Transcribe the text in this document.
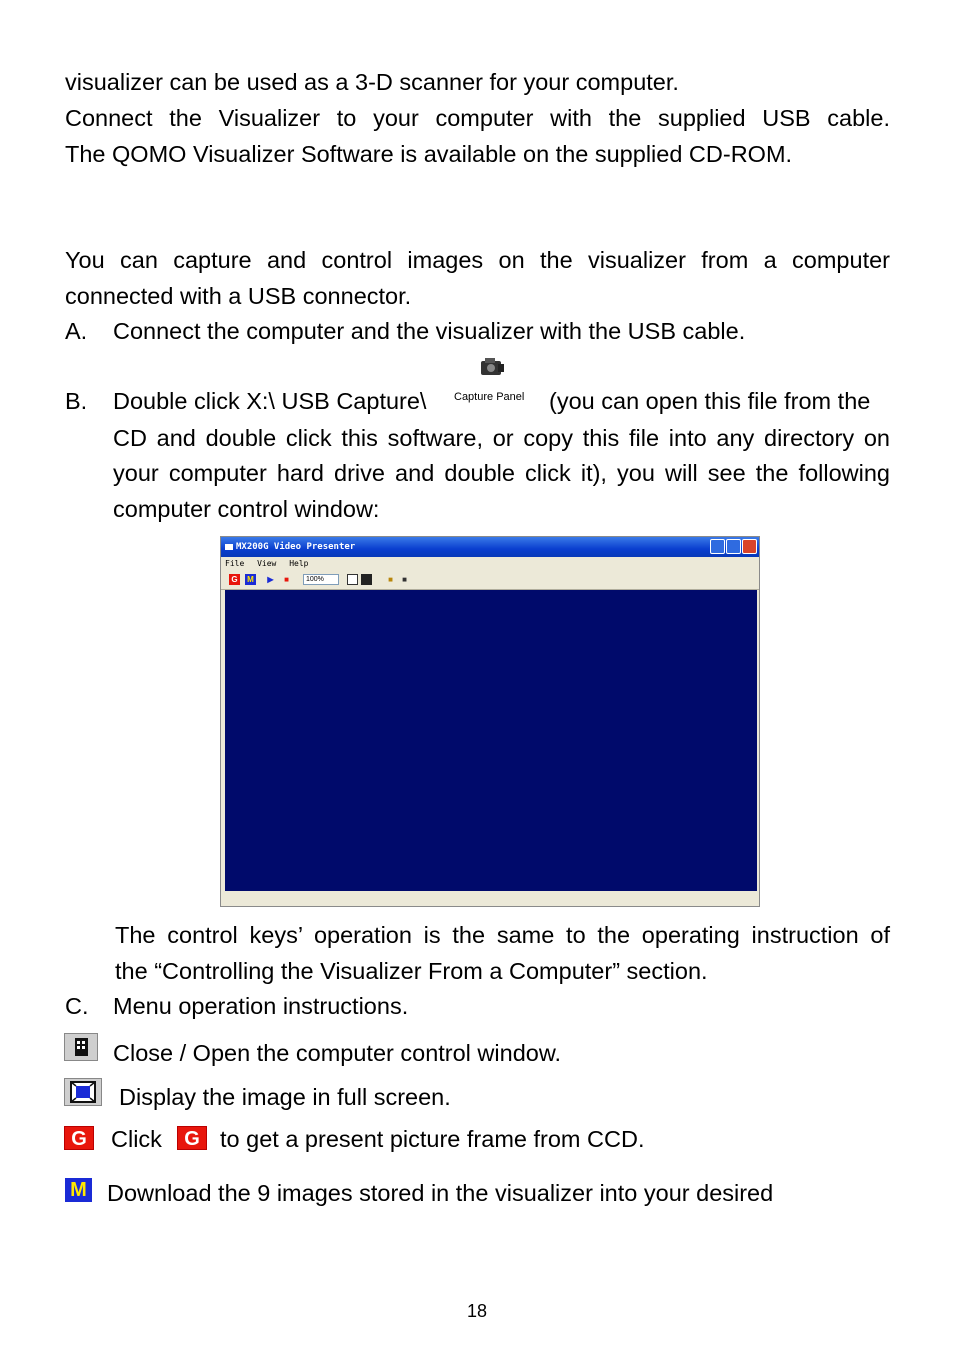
visualizer can be used as a 3-D scanner for your computer.
Connect the Visualizer to your computer with the supplied USB cable.
The QOMO Visualizer Software is available on the supplied CD-ROM.
You can capture and control images on the visualizer from a computer
connected with a USB connector.
A. Connect the computer and the visualizer with the USB cable.
B. Double click X:\ USB Capture\	Capture Panel (you can open this file from the
CD and double click this software, or copy this file into any directory on
your computer hard drive and double click it), you will see the following
computer control window:
MX200G Video Presenter
File View Help
G M	▶	■	100%	■	■
The control keys’ operation is the same to the operating instruction of
the “Controlling the Visualizer From a Computer” section.
C. Menu operation instructions.
Close / Open the computer control window.
Display the image in full screen.
G	Click	G to get a present picture frame from CCD.
M Download the 9 images stored in the visualizer into your desired
18
